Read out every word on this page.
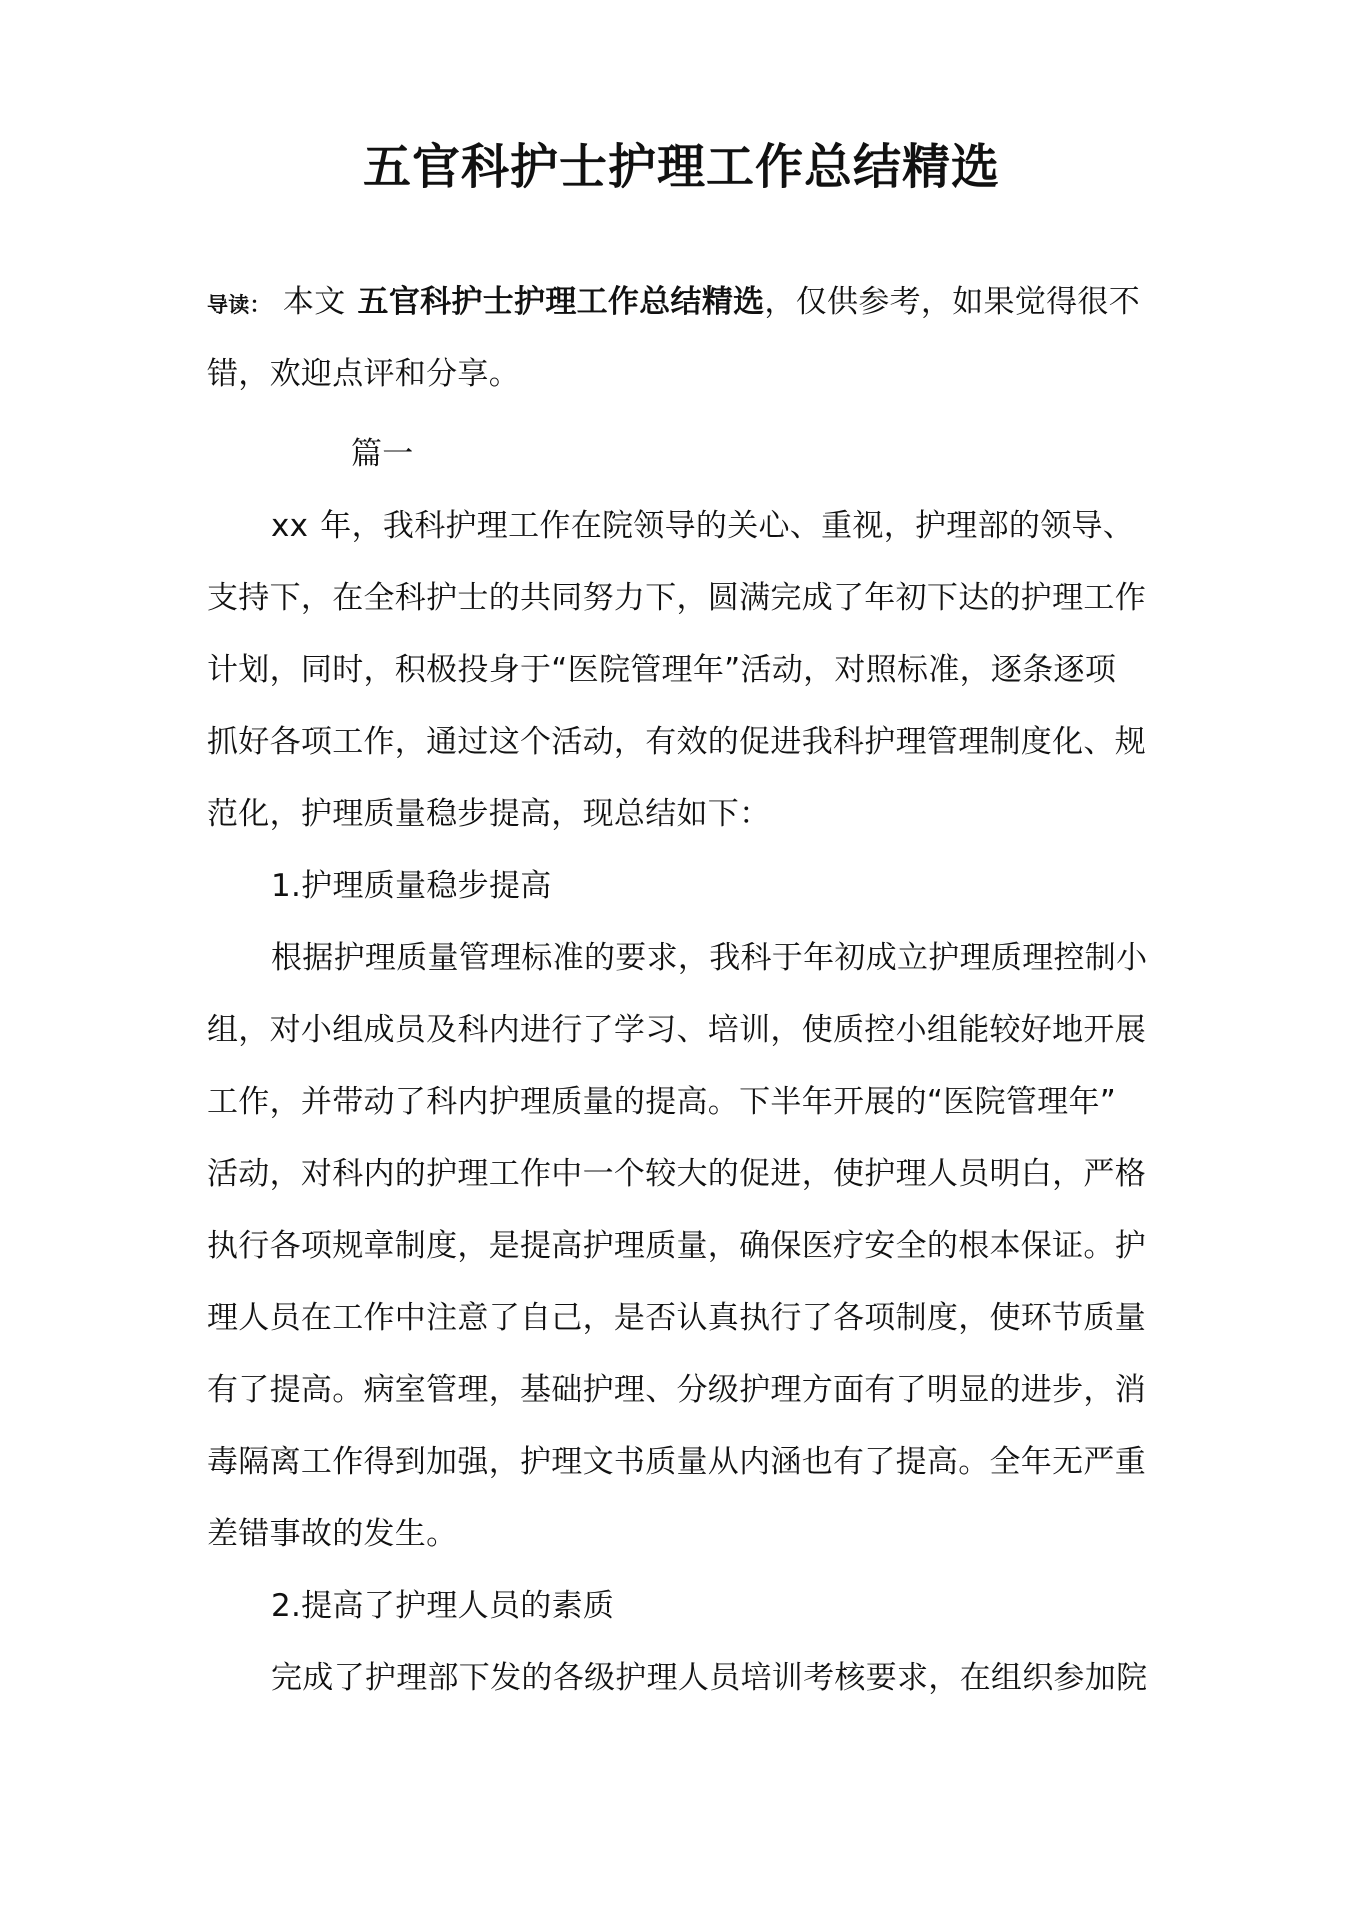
五官科护士护理工作总结精选
导读： 本文 五官科护士护理工作总结精选，仅供参考，如果觉得很不
错，欢迎点评和分享。
篇一
xx 年，我科护理工作在院领导的关心、重视，护理部的领导、
支持下，在全科护士的共同努力下，圆满完成了年初下达的护理工作
计划，同时，积极投身于“医院管理年”活动，对照标准，逐条逐项
抓好各项工作，通过这个活动，有效的促进我科护理管理制度化、规
范化，护理质量稳步提高，现总结如下：
1.护理质量稳步提高
根据护理质量管理标准的要求，我科于年初成立护理质理控制小
组，对小组成员及科内进行了学习、培训，使质控小组能较好地开展
工作，并带动了科内护理质量的提高。下半年开展的“医院管理年”
活动，对科内的护理工作中一个较大的促进，使护理人员明白，严格
执行各项规章制度，是提高护理质量，确保医疗安全的根本保证。护
理人员在工作中注意了自己，是否认真执行了各项制度，使环节质量
有了提高。病室管理，基础护理、分级护理方面有了明显的进步，消
毒隔离工作得到加强，护理文书质量从内涵也有了提高。全年无严重
差错事故的发生。
2.提高了护理人员的素质
完成了护理部下发的各级护理人员培训考核要求，在组织参加院
